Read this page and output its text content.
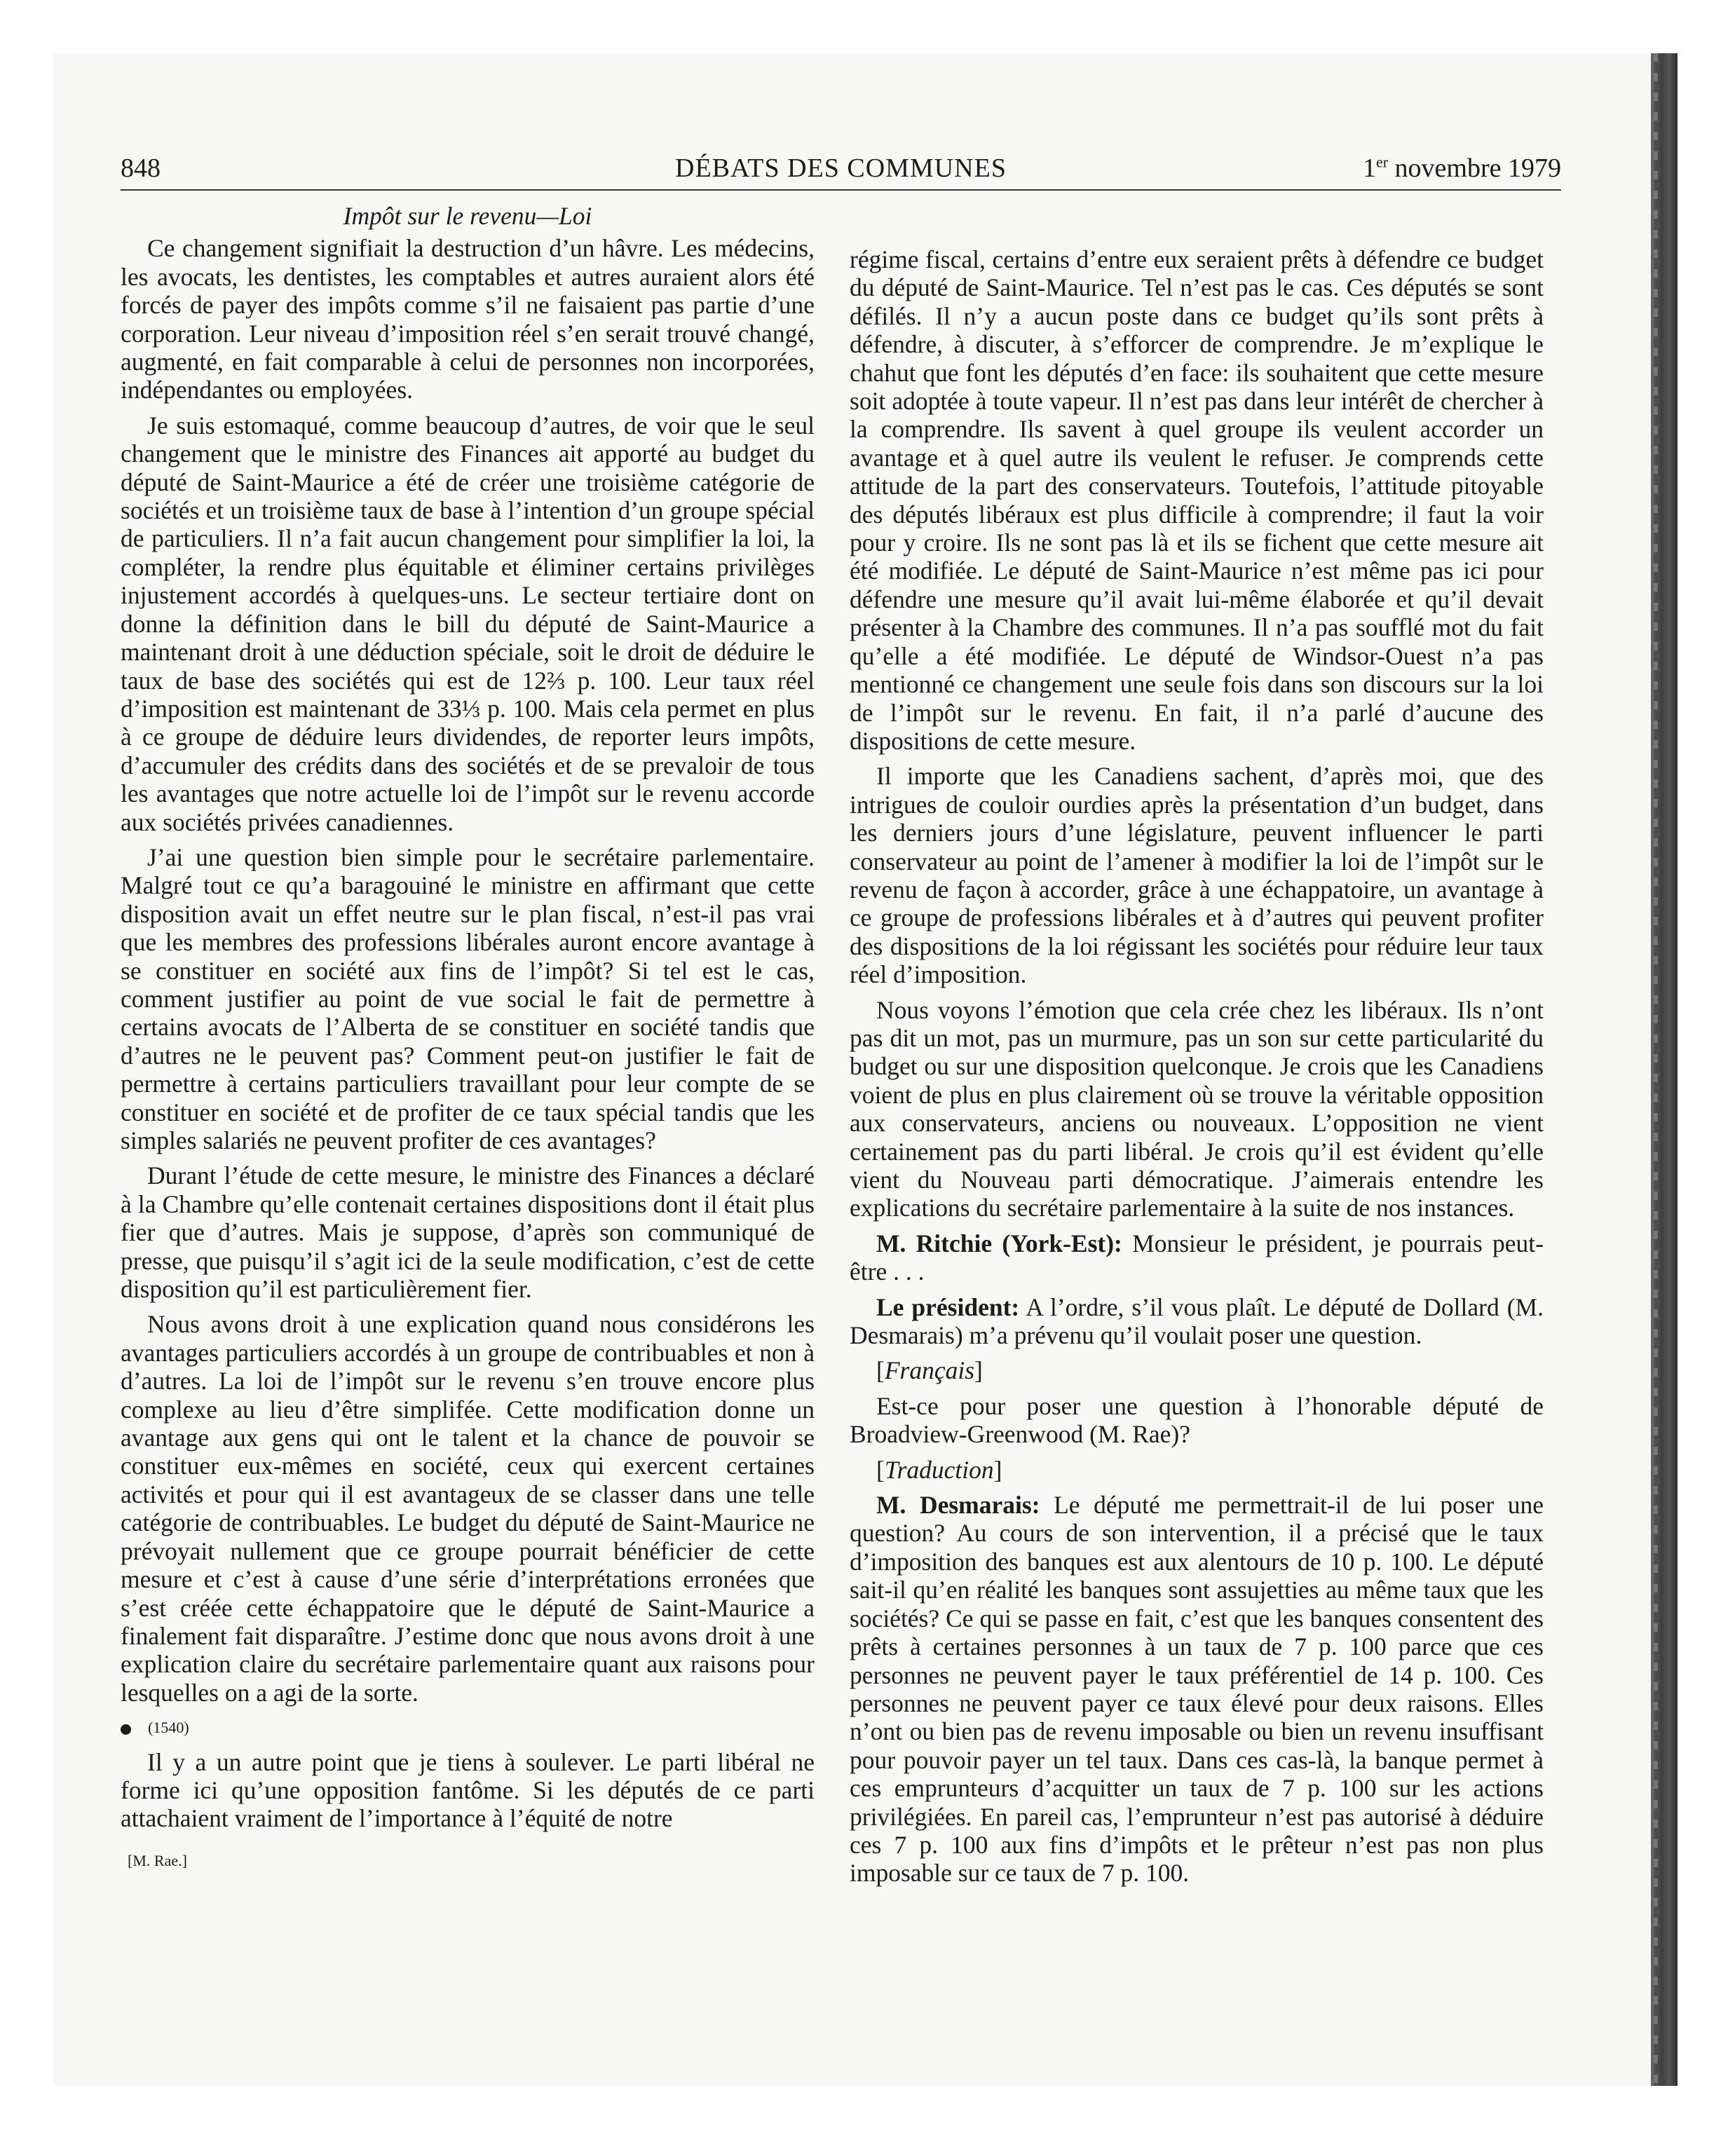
848	DÉBATS DES COMMUNES	1er novembre 1979
Impôt sur le revenu—Loi

Ce changement signifiait la destruction d’un hâvre. Les médecins, les avocats, les dentistes, les comptables et autres auraient alors été forcés de payer des impôts comme s’il ne faisaient pas partie d’une corporation. Leur niveau d’imposition réel s’en serait trouvé changé, augmenté, en fait comparable à celui de personnes non incorporées, indépendantes ou employées.

Je suis estomaqué, comme beaucoup d’autres, de voir que le seul changement que le ministre des Finances ait apporté au budget du député de Saint-Maurice a été de créer une troisième catégorie de sociétés et un troisième taux de base à l’intention d’un groupe spécial de particuliers. Il n’a fait aucun changement pour simplifier la loi, la compléter, la rendre plus équitable et éliminer certains privilèges injustement accordés à quelques-uns. Le secteur tertiaire dont on donne la définition dans le bill du député de Saint-Maurice a maintenant droit à une déduction spéciale, soit le droit de déduire le taux de base des sociétés qui est de 12⅔ p. 100. Leur taux réel d’imposition est maintenant de 33⅓ p. 100. Mais cela permet en plus à ce groupe de déduire leurs dividendes, de reporter leurs impôts, d’accumuler des crédits dans des sociétés et de se prevaloir de tous les avantages que notre actuelle loi de l’impôt sur le revenu accorde aux sociétés privées canadiennes.

J’ai une question bien simple pour le secrétaire parlementaire. Malgré tout ce qu’a baragouiné le ministre en affirmant que cette disposition avait un effet neutre sur le plan fiscal, n’est-il pas vrai que les membres des professions libérales auront encore avantage à se constituer en société aux fins de l’impôt? Si tel est le cas, comment justifier au point de vue social le fait de permettre à certains avocats de l’Alberta de se constituer en société tandis que d’autres ne le peuvent pas? Comment peut-on justifier le fait de permettre à certains particuliers travaillant pour leur compte de se constituer en société et de profiter de ce taux spécial tandis que les simples salariés ne peuvent profiter de ces avantages?

Durant l’étude de cette mesure, le ministre des Finances a déclaré à la Chambre qu’elle contenait certaines dispositions dont il était plus fier que d’autres. Mais je suppose, d’après son communiqué de presse, que puisqu’il s’agit ici de la seule modification, c’est de cette disposition qu’il est particulièrement fier.

Nous avons droit à une explication quand nous considérons les avantages particuliers accordés à un groupe de contribuables et non à d’autres. La loi de l’impôt sur le revenu s’en trouve encore plus complexe au lieu d’être simplifée. Cette modification donne un avantage aux gens qui ont le talent et la chance de pouvoir se constituer eux-mêmes en société, ceux qui exercent certaines activités et pour qui il est avantageux de se classer dans une telle catégorie de contribuables. Le budget du député de Saint-Maurice ne prévoyait nullement que ce groupe pourrait bénéficier de cette mesure et c’est à cause d’une série d’interprétations erronées que s’est créée cette échappatoire que le député de Saint-Maurice a finalement fait disparaître. J’estime donc que nous avons droit à une explication claire du secrétaire parlementaire quant aux raisons pour lesquelles on a agi de la sorte.

(1540)

Il y a un autre point que je tiens à soulever. Le parti libéral ne forme ici qu’une opposition fantôme. Si les députés de ce parti attachaient vraiment de l’importance à l’équité de notre

[M. Rae.]

régime fiscal, certains d’entre eux seraient prêts à défendre ce budget du député de Saint-Maurice. Tel n’est pas le cas. Ces députés se sont défilés. Il n’y a aucun poste dans ce budget qu’ils sont prêts à défendre, à discuter, à s’efforcer de comprendre. Je m’explique le chahut que font les députés d’en face: ils souhaitent que cette mesure soit adoptée à toute vapeur. Il n’est pas dans leur intérêt de chercher à la comprendre. Ils savent à quel groupe ils veulent accorder un avantage et à quel autre ils veulent le refuser. Je comprends cette attitude de la part des conservateurs. Toutefois, l’attitude pitoyable des députés libéraux est plus difficile à comprendre; il faut la voir pour y croire. Ils ne sont pas là et ils se fichent que cette mesure ait été modifiée. Le député de Saint-Maurice n’est même pas ici pour défendre une mesure qu’il avait lui-même élaborée et qu’il devait présenter à la Chambre des communes. Il n’a pas soufflé mot du fait qu’elle a été modifiée. Le député de Windsor-Ouest n’a pas mentionné ce changement une seule fois dans son discours sur la loi de l’impôt sur le revenu. En fait, il n’a parlé d’aucune des dispositions de cette mesure.

Il importe que les Canadiens sachent, d’après moi, que des intrigues de couloir ourdies après la présentation d’un budget, dans les derniers jours d’une législature, peuvent influencer le parti conservateur au point de l’amener à modifier la loi de l’impôt sur le revenu de façon à accorder, grâce à une échappatoire, un avantage à ce groupe de professions libérales et à d’autres qui peuvent profiter des dispositions de la loi régissant les sociétés pour réduire leur taux réel d’imposition.

Nous voyons l’émotion que cela crée chez les libéraux. Ils n’ont pas dit un mot, pas un murmure, pas un son sur cette particularité du budget ou sur une disposition quelconque. Je crois que les Canadiens voient de plus en plus clairement où se trouve la véritable opposition aux conservateurs, anciens ou nouveaux. L’opposition ne vient certainement pas du parti libéral. Je crois qu’il est évident qu’elle vient du Nouveau parti démocratique. J’aimerais entendre les explications du secrétaire parlementaire à la suite de nos instances.

M. Ritchie (York-Est): Monsieur le président, je pourrais peut-être . . .

Le président: A l’ordre, s’il vous plaît. Le député de Dollard (M. Desmarais) m’a prévenu qu’il voulait poser une question.

[Français]

Est-ce pour poser une question à l’honorable député de Broadview-Greenwood (M. Rae)?

[Traduction]

M. Desmarais: Le député me permettrait-il de lui poser une question? Au cours de son intervention, il a précisé que le taux d’imposition des banques est aux alentours de 10 p. 100. Le député sait-il qu’en réalité les banques sont assujetties au même taux que les sociétés? Ce qui se passe en fait, c’est que les banques consentent des prêts à certaines personnes à un taux de 7 p. 100 parce que ces personnes ne peuvent payer le taux préférentiel de 14 p. 100. Ces personnes ne peuvent payer ce taux élevé pour deux raisons. Elles n’ont ou bien pas de revenu imposable ou bien un revenu insuffisant pour pouvoir payer un tel taux. Dans ces cas-là, la banque permet à ces emprunteurs d’acquitter un taux de 7 p. 100 sur les actions privilégiées. En pareil cas, l’emprunteur n’est pas autorisé à déduire ces 7 p. 100 aux fins d’impôts et le prêteur n’est pas non plus imposable sur ce taux de 7 p. 100.
